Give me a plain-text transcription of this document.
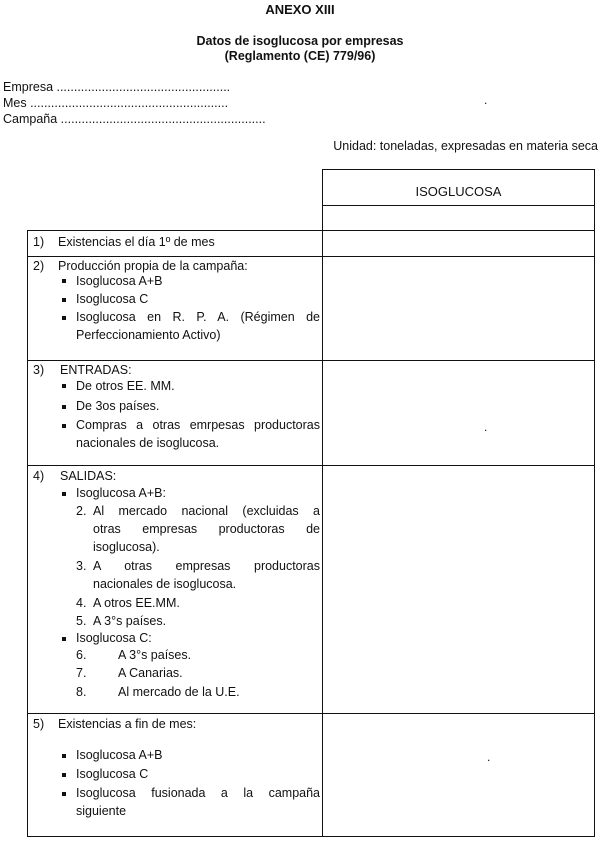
ANEXO XIII
Datos de isoglucosa por empresas
(Reglamento (CE) 779/96)
Empresa ..................................................
Mes .........................................................
Campaña ...........................................................
.
Unidad: toneladas, expresadas en materia seca
ISOGLUCOSA
1) Existencias el día 1º de mes
2) Producción propia de la campaña:
Isoglucosa A+B
Isoglucosa C
Isoglucosa en R. P. A. (Régimen de
Perfeccionamiento Activo)
3) ENTRADAS:
De otros EE. MM.
De 3os países.
Compras a otras emrpesas productoras
nacionales de isoglucosa.
.
4) SALIDAS:
Isoglucosa A+B:
2. Al mercado nacional (excluidas a
otras empresas productoras de
isoglucosa).
3. A otras empresas productoras
nacionales de isoglucosa.
4. A otros EE.MM.
5. A 3°s países.
Isoglucosa C:
6.	A 3°s países.
7.	A Canarias.
8.	Al mercado de la U.E.
5) Existencias a fin de mes:
Isoglucosa A+B
Isoglucosa C
Isoglucosa fusionada a la campaña
siguiente
.
